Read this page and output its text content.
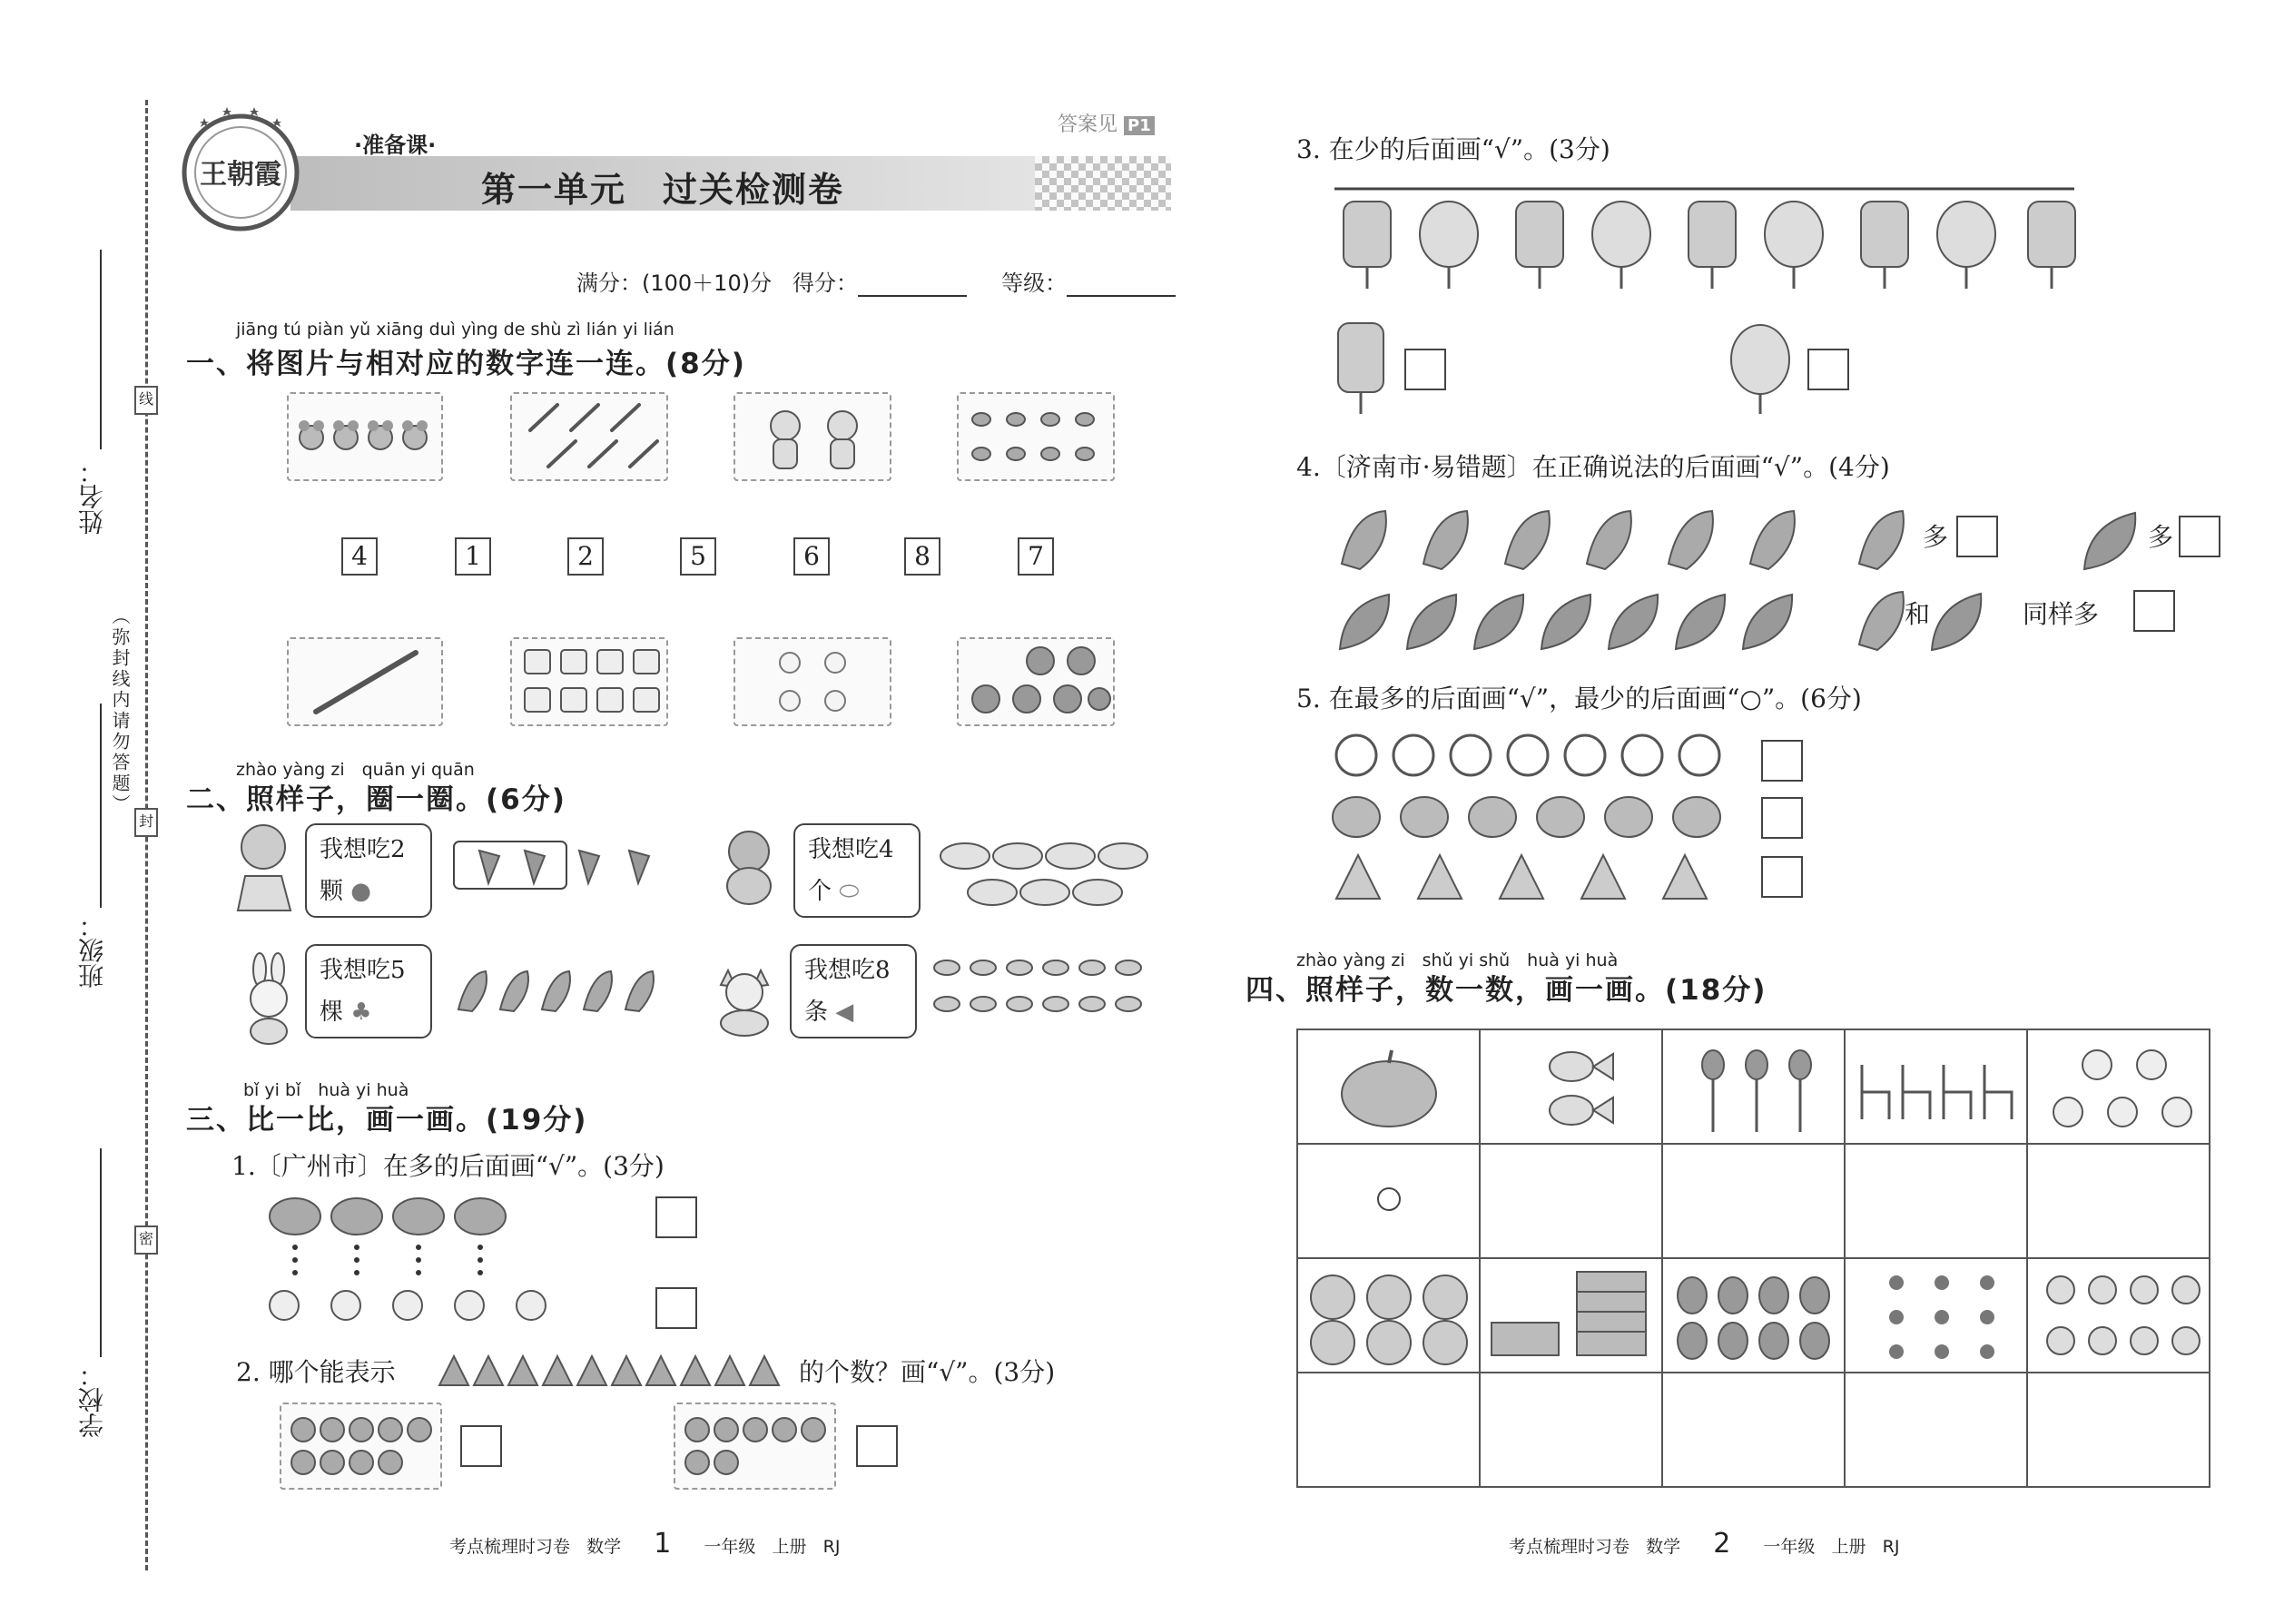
姓名：
班级：
学校：
线
封
密
（弥封线内请勿答题）
王朝霞
·准备课·
第一单元　过关检测卷
答案见 P1
满分：(100＋10)分 得分：	等级：
jiāng tú piàn yǔ xiāng duì yìng de shù zì lián yi lián
一、将图片与相对应的数字连一连。(8分)
4	1	2	5	6	8	7
zhào yàng zi　quān yi quān
二、照样子，圈一圈。(6分)
我想吃2
颗 ●
我想吃4
个 ⬭
我想吃5
棵 ♣
我想吃8
条 ◀
bǐ yi bǐ　huà yi huà
三、比一比，画一画。(19分)
1.〔广州市〕在多的后面画“√”。(3分)
2. 哪个能表示	的个数？画“√”。(3分)
3. 在少的后面画“√”。(3分)
4.〔济南市·易错题〕在正确说法的后面画“√”。(4分)
多	多
和	同样多
5. 在最多的后面画“√”，最少的后面画“○”。(6分)
zhào yàng zi　shǔ yi shǔ　huà yi huà
四、照样子，数一数，画一画。(18分)

考点梳理时习卷 数学 1 一年级 上册 RJ	考点梳理时习卷 数学 2 一年级 上册 RJ
